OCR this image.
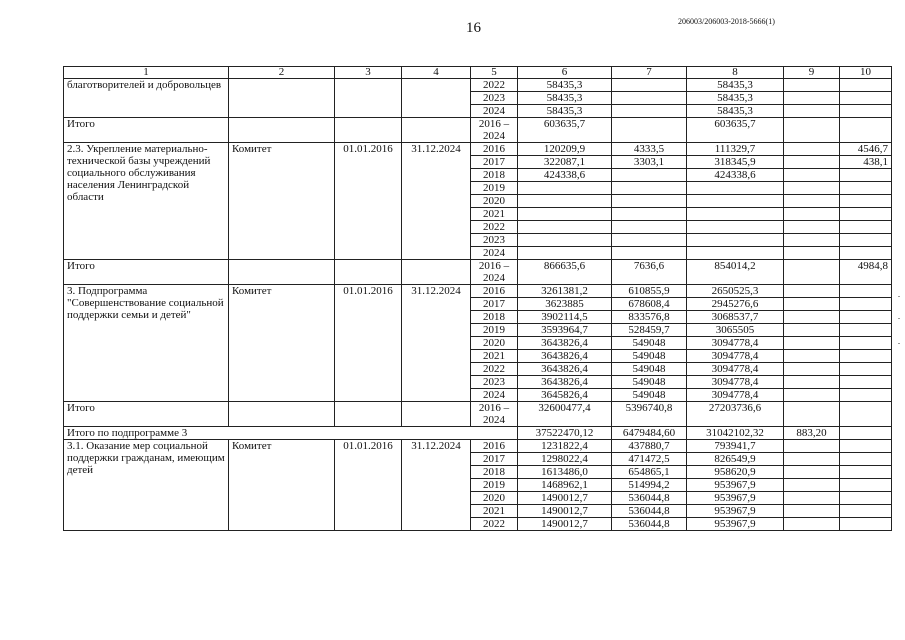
16	206003/206003-2018-5666(1)
1	2	3	4	5	6	7	8	9	10
благотворителей и добровольцев				2022	58435,3		58435,3		
				2023	58435,3		58435,3		
				2024	58435,3		58435,3		
Итого				2016 – 2024	603635,7		603635,7		
2.3. Укрепление материально-технической базы учреждений социального обслуживания населения Ленинградской области	Комитет	01.01.2016	31.12.2024	2016	120209,9	4333,5	111329,7		4546,7
				2017	322087,1	3303,1	318345,9		438,1
				2018	424338,6		424338,6		
				2019					
				2020					
				2021					
				2022					
				2023					
				2024					
Итого				2016 – 2024	866635,6	7636,6	854014,2		4984,8
3. Подпрограмма "Совершенствование социальной поддержки семьи и детей"	Комитет	01.01.2016	31.12.2024	2016	3261381,2	610855,9	2650525,3		
				2017	3623885	678608,4	2945276,6		
				2018	3902114,5	833576,8	3068537,7		
				2019	3593964,7	528459,7	3065505		
				2020	3643826,4	549048	3094778,4		
				2021	3643826,4	549048	3094778,4		
				2022	3643826,4	549048	3094778,4		
				2023	3643826,4	549048	3094778,4		
				2024	3645826,4	549048	3094778,4		
Итого				2016 – 2024	32600477,4	5396740,8	27203736,6		
Итого по подпрограмме 3					37522470,12	6479484,60	31042102,32	883,20	
3.1. Оказание мер социальной поддержки гражданам, имеющим детей	Комитет	01.01.2016	31.12.2024	2016	1231822,4	437880,7	793941,7		
				2017	1298022,4	471472,5	826549,9		
				2018	1613486,0	654865,1	958620,9		
				2019	1468962,1	514994,2	953967,9		
				2020	1490012,7	536044,8	953967,9		
				2021	1490012,7	536044,8	953967,9		
				2022	1490012,7	536044,8	953967,9		
